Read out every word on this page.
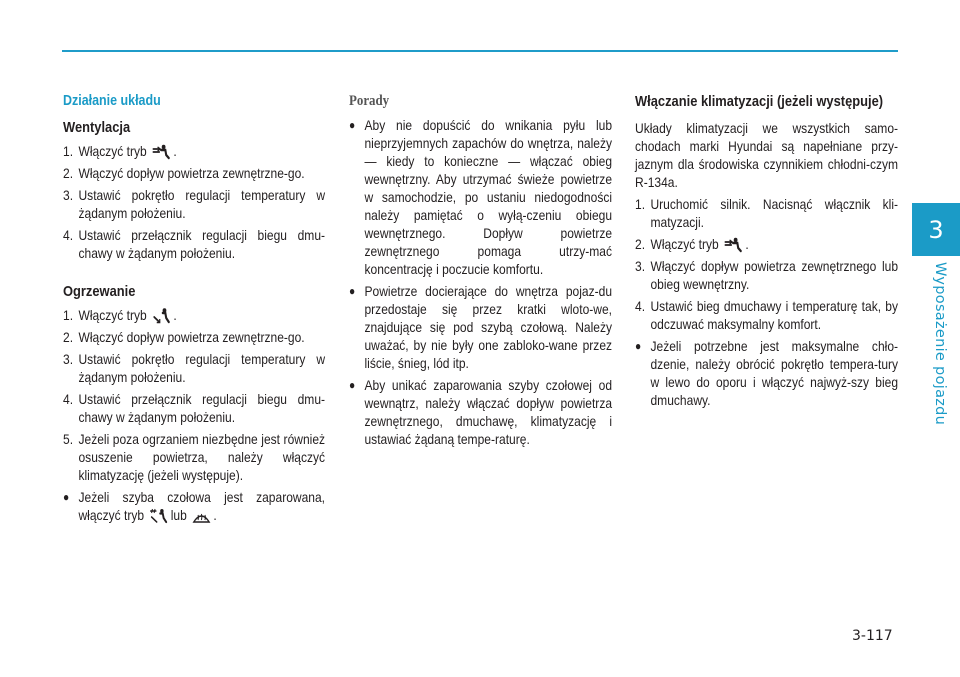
3
Wyposażenie pojazdu
Działanie układu
Wentylacja
1. Włączyć tryb .
2. Włączyć dopływ powietrza zewnętrzne-go.
3. Ustawić pokrętło regulacji temperatury w żądanym położeniu.
4. Ustawić przełącznik regulacji biegu dmu-chawy w żądanym położeniu.
Ogrzewanie
1. Włączyć tryb .
2. Włączyć dopływ powietrza zewnętrzne-go.
3. Ustawić pokrętło regulacji temperatury w żądanym położeniu.
4. Ustawić przełącznik regulacji biegu dmu-chawy w żądanym położeniu.
5. Jeżeli poza ogrzaniem niezbędne jest również osuszenie powietrza, należy włączyć klimatyzację (jeżeli występuje).
● Jeżeli szyba czołowa jest zaparowana, włączyć tryb lub .
Porady
● Aby nie dopuścić do wnikania pyłu lub nieprzyjemnych zapachów do wnętrza, należy — kiedy to konieczne — włączać obieg wewnętrzny. Aby utrzymać świeże powietrze w samochodzie, po ustaniu niedogodności należy pamiętać o wyłą-czeniu obiegu wewnętrznego. Dopływ powietrze zewnętrznego pomaga utrzy-mać koncentrację i poczucie komfortu.
● Powietrze docierające do wnętrza pojaz-du przedostaje się przez kratki wloto-we, znajdujące się pod szybą czołową. Należy uważać, by nie były one zabloko-wane przez liście, śnieg, lód itp.
● Aby unikać zaparowania szyby czołowej od wewnątrz, należy włączać dopływ powietrza zewnętrznego, dmuchawę, klimatyzację i ustawiać żądaną tempe-raturę.
Włączanie klimatyzacji (jeżeli występuje)
Układy klimatyzacji we wszystkich samo-chodach marki Hyundai są napełniane przy-jaznym dla środowiska czynnikiem chłodni-czym R-134a.
1. Uruchomić silnik. Nacisnąć włącznik kli-matyzacji.
2. Włączyć tryb .
3. Włączyć dopływ powietrza zewnętrznego lub obieg wewnętrzny.
4. Ustawić bieg dmuchawy i temperaturę tak, by odczuwać maksymalny komfort.
● Jeżeli potrzebne jest maksymalne chło-dzenie, należy obrócić pokrętło tempera-tury w lewo do oporu i włączyć najwyż-szy bieg dmuchawy.
3-117
